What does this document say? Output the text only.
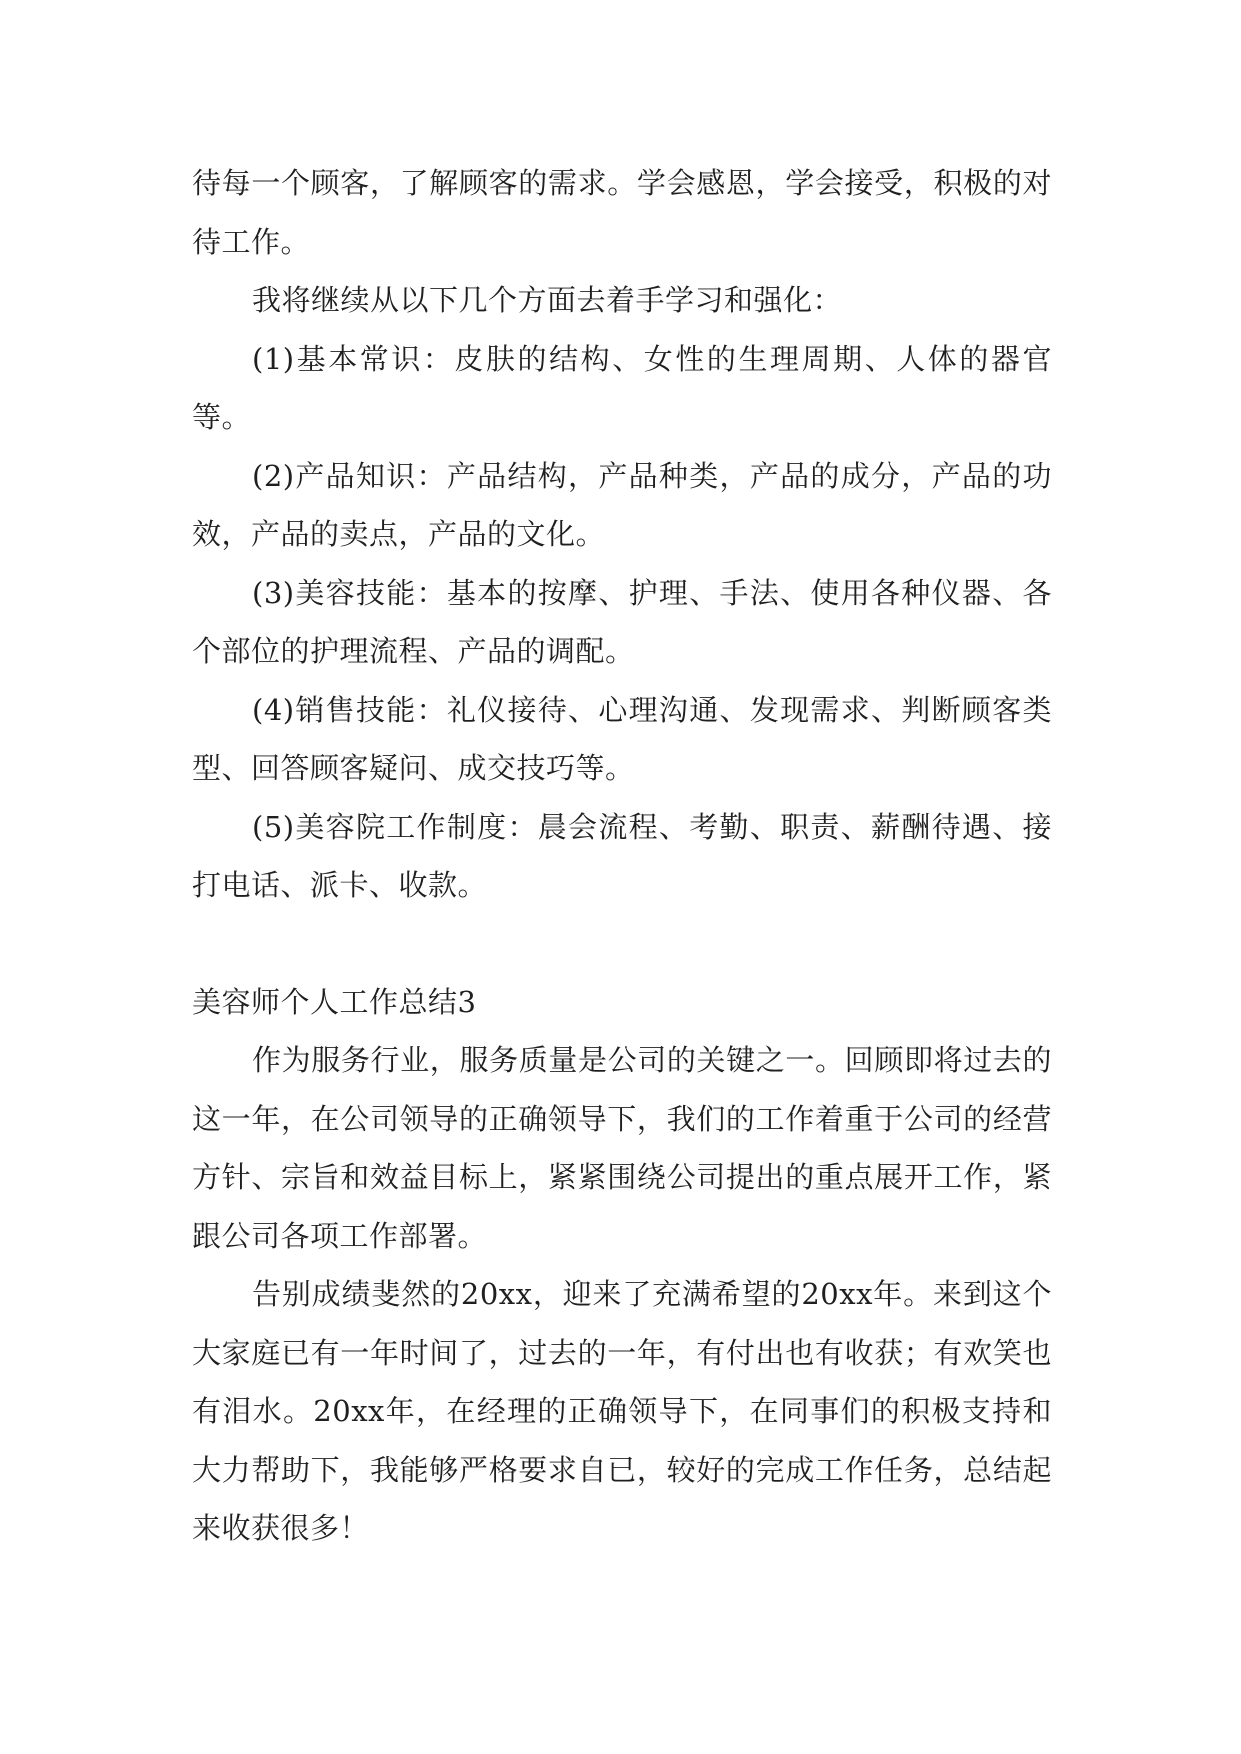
待每一个顾客，了解顾客的需求。学会感恩，学会接受，积极的对待工作。

我将继续从以下几个方面去着手学习和强化：

(1)基本常识：皮肤的结构、女性的生理周期、人体的器官等。

(2)产品知识：产品结构，产品种类，产品的成分，产品的功效，产品的卖点，产品的文化。

(3)美容技能：基本的按摩、护理、手法、使用各种仪器、各个部位的护理流程、产品的调配。

(4)销售技能：礼仪接待、心理沟通、发现需求、判断顾客类型、回答顾客疑问、成交技巧等。

(5)美容院工作制度：晨会流程、考勤、职责、薪酬待遇、接打电话、派卡、收款。

美容师个人工作总结3

作为服务行业，服务质量是公司的关键之一。回顾即将过去的这一年，在公司领导的正确领导下，我们的工作着重于公司的经营方针、宗旨和效益目标上，紧紧围绕公司提出的重点展开工作，紧跟公司各项工作部署。

告别成绩斐然的20xx，迎来了充满希望的20xx年。来到这个大家庭已有一年时间了，过去的一年，有付出也有收获；有欢笑也有泪水。20xx年，在经理的正确领导下，在同事们的积极支持和大力帮助下，我能够严格要求自已，较好的完成工作任务，总结起来收获很多！
